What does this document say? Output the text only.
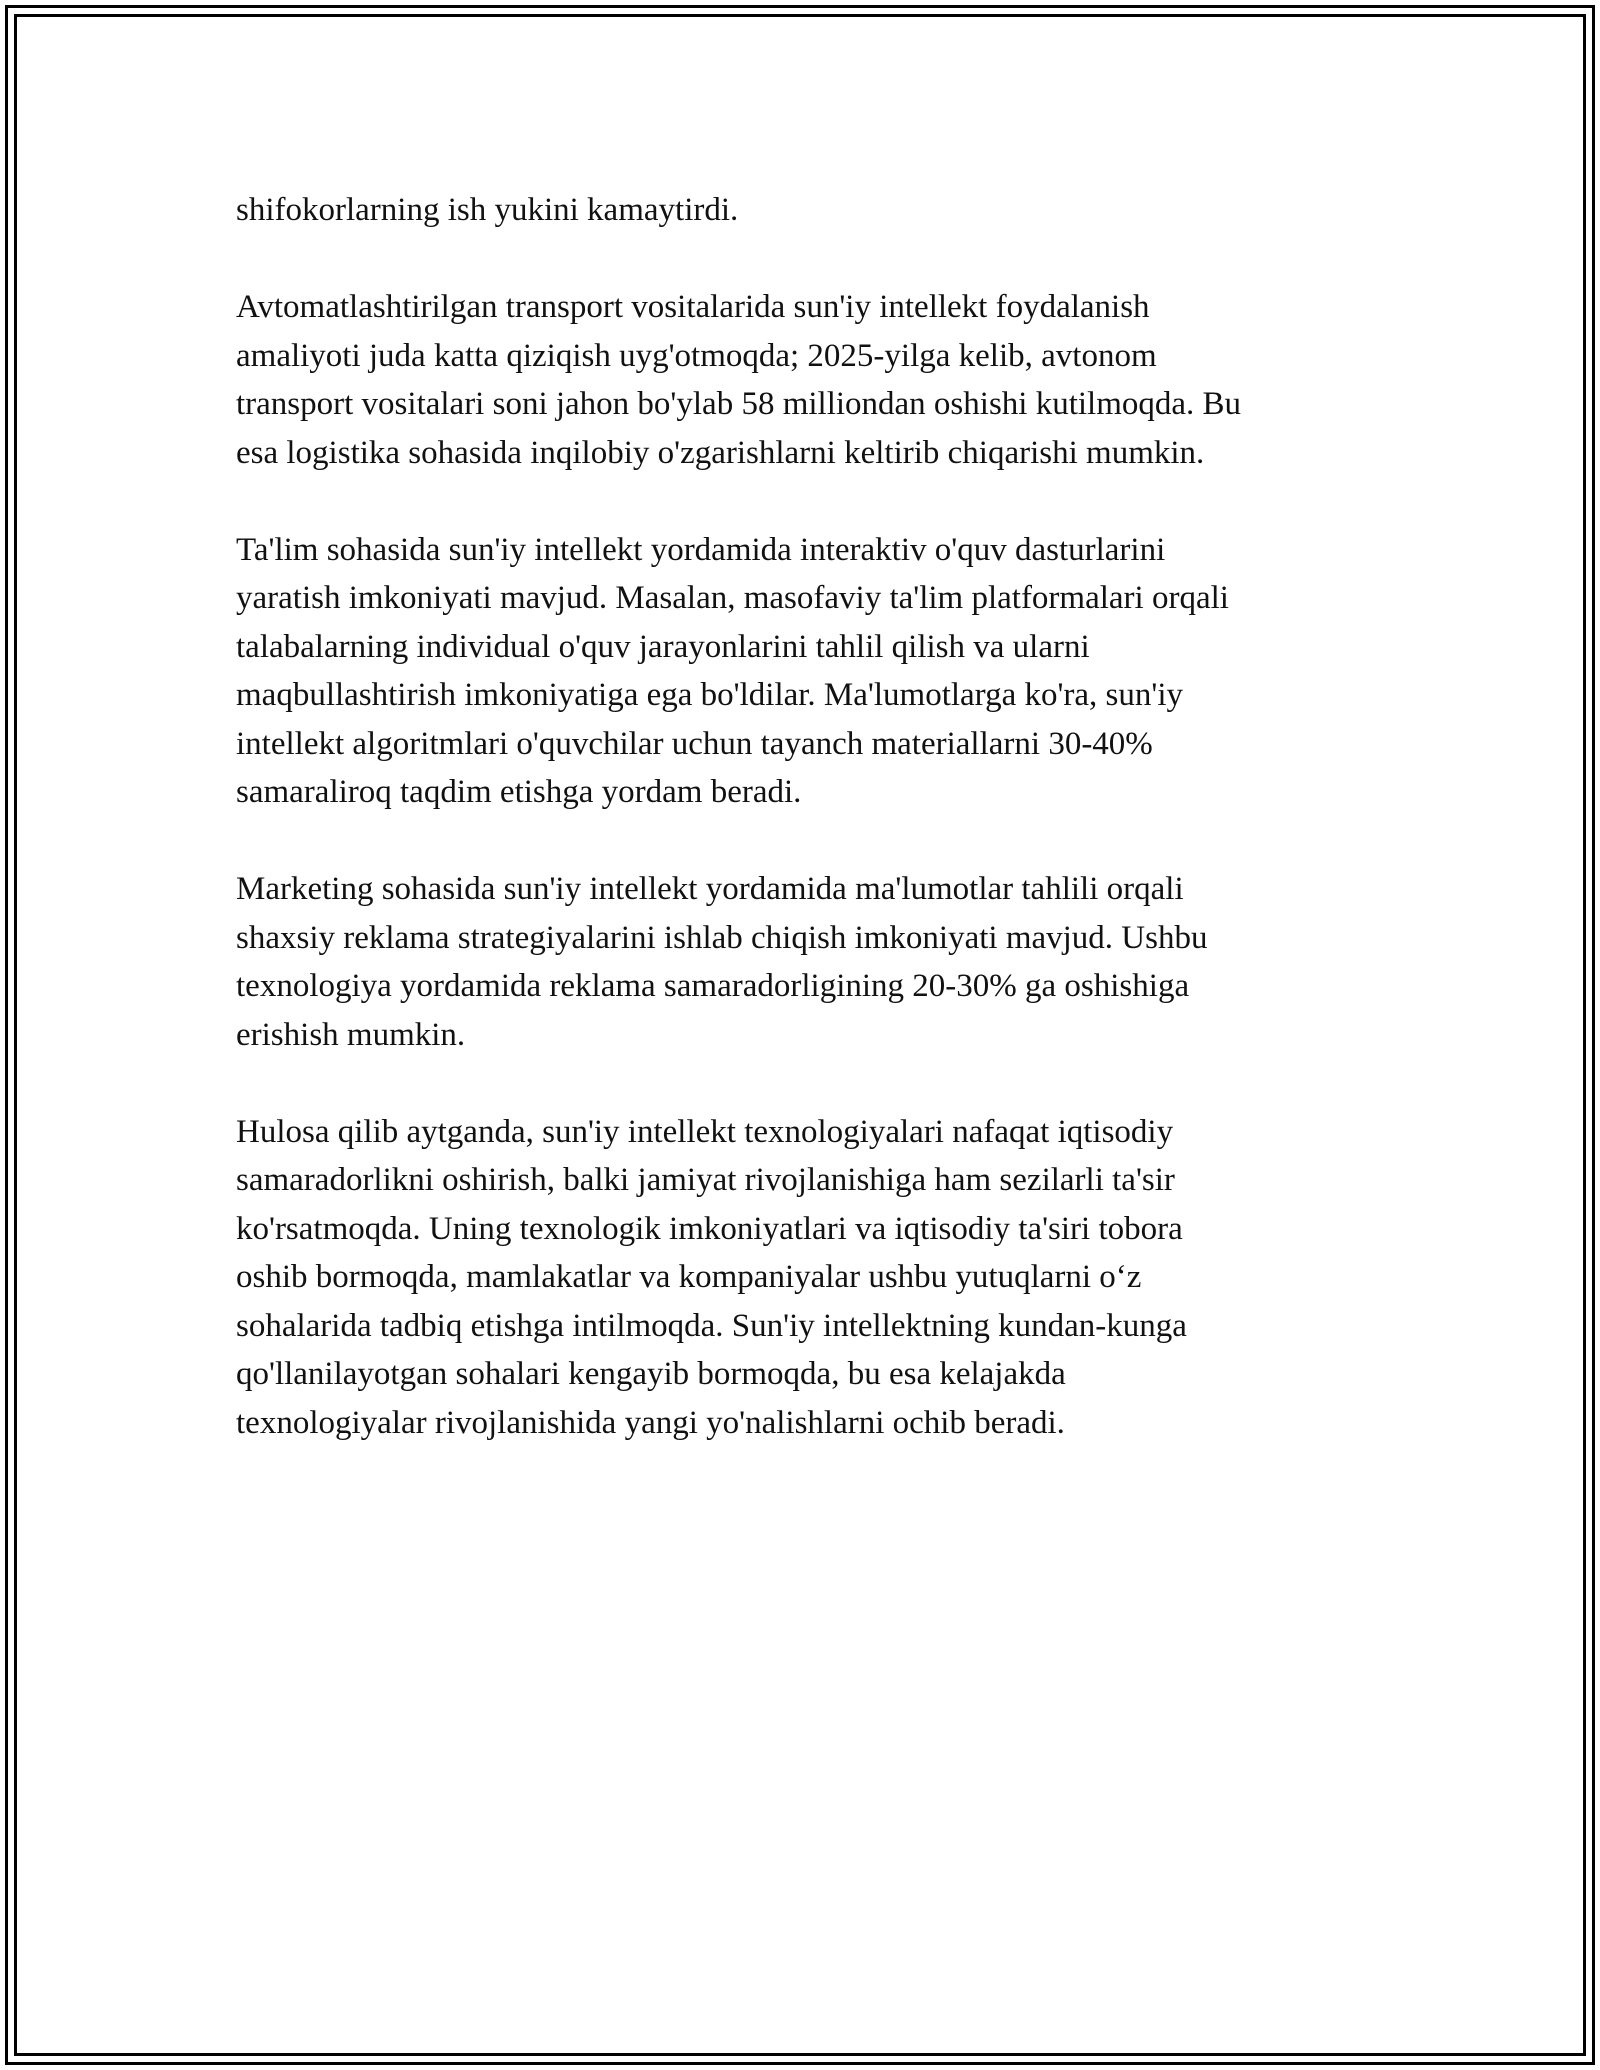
shifokorlarning ish yukini kamaytirdi.

Avtomatlashtirilgan transport vositalarida sun'iy intellekt foydalanish
amaliyoti juda katta qiziqish uyg'otmoqda; 2025-yilga kelib, avtonom
transport vositalari soni jahon bo'ylab 58 milliondan oshishi kutilmoqda. Bu
esa logistika sohasida inqilobiy o'zgarishlarni keltirib chiqarishi mumkin.

Ta'lim sohasida sun'iy intellekt yordamida interaktiv o'quv dasturlarini
yaratish imkoniyati mavjud. Masalan, masofaviy ta'lim platformalari orqali
talabalarning individual o'quv jarayonlarini tahlil qilish va ularni
maqbullashtirish imkoniyatiga ega bo'ldilar. Ma'lumotlarga ko'ra, sun'iy
intellekt algoritmlari o'quvchilar uchun tayanch materiallarni 30-40%
samaraliroq taqdim etishga yordam beradi.

Marketing sohasida sun'iy intellekt yordamida ma'lumotlar tahlili orqali
shaxsiy reklama strategiyalarini ishlab chiqish imkoniyati mavjud. Ushbu
texnologiya yordamida reklama samaradorligining 20-30% ga oshishiga
erishish mumkin.

Hulosa qilib aytganda, sun'iy intellekt texnologiyalari nafaqat iqtisodiy
samaradorlikni oshirish, balki jamiyat rivojlanishiga ham sezilarli ta'sir
ko'rsatmoqda. Uning texnologik imkoniyatlari va iqtisodiy ta'siri tobora
oshib bormoqda, mamlakatlar va kompaniyalar ushbu yutuqlarni o‘z
sohalarida tadbiq etishga intilmoqda. Sun'iy intellektning kundan-kunga
qo'llanilayotgan sohalari kengayib bormoqda, bu esa kelajakda
texnologiyalar rivojlanishida yangi yo'nalishlarni ochib beradi.
